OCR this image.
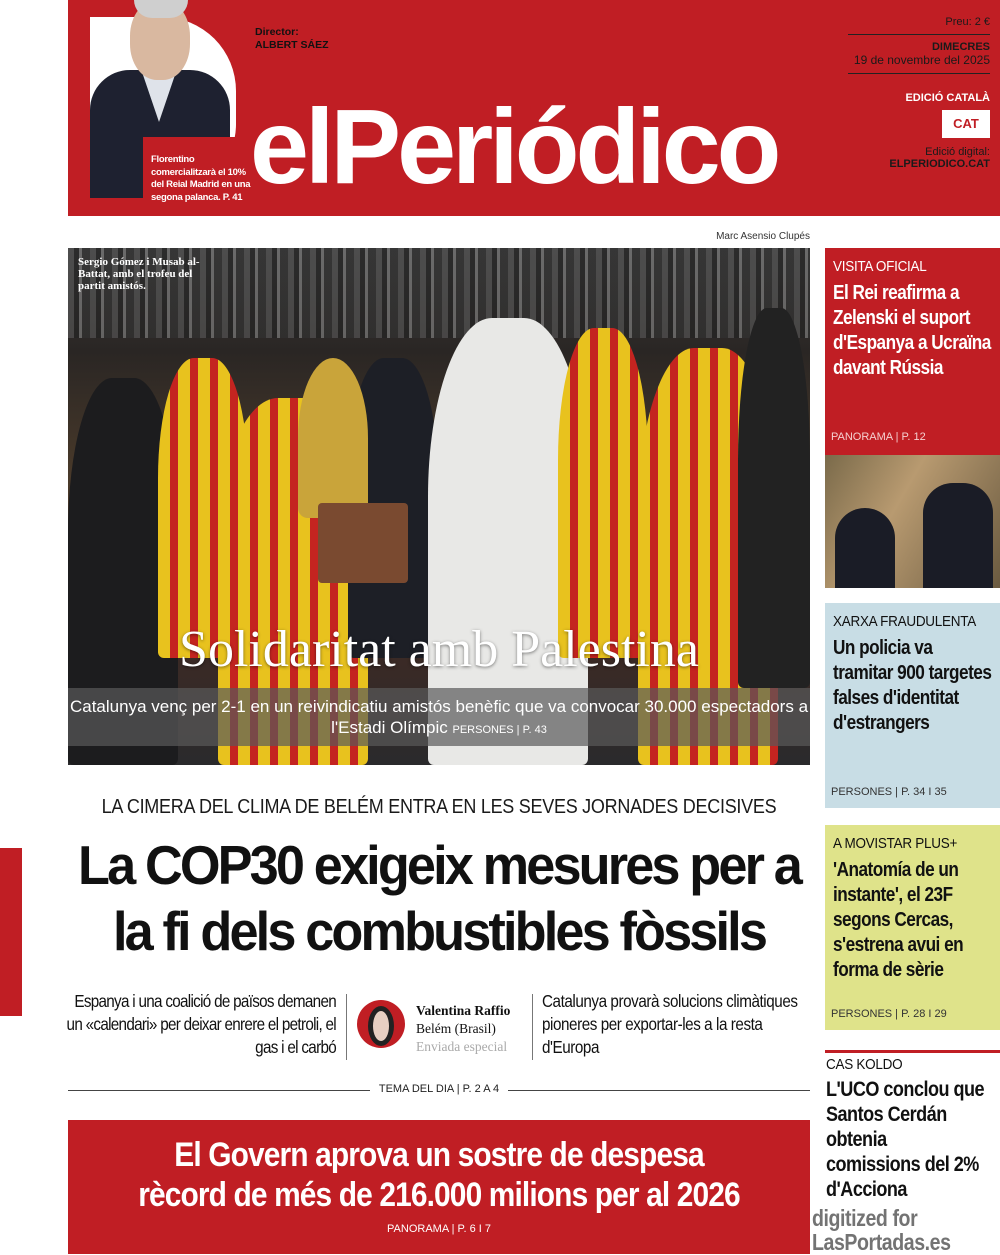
Florentino comercialitzarà el 10% del Reial Madrid en una segona palanca. P. 41
Director:
ALBERT SÁEZ
elPeriódico
Preu: 2 €
DIMECRES
19 de novembre del 2025
EDICIÓ CATALÀ
CAT
Edició digital:
ELPERIODICO.CAT
Marc Asensio Clupés
Sergio Gómez i Musab al-Battat, amb el trofeu del partit amistós.
Solidaritat amb Palestina
Catalunya venç per 2-1 en un reivindicatiu amistós benèfic que va convocar 30.000 espectadors a l'Estadi Olímpic PERSONES | P. 43
LA CIMERA DEL CLIMA DE BELÉM ENTRA EN LES SEVES JORNADES DECISIVES
La COP30 exigeix mesures per a la fi dels combustibles fòssils
Espanya i una coalició de països demanen un «calendari» per deixar enrere el petroli, el gas i el carbó
Valentina Raffio
Belém (Brasil)
Enviada especial
Catalunya provarà solucions climàtiques pioneres per exportar-les a la resta d'Europa
TEMA DEL DIA | P. 2 A 4
El Govern aprova un sostre de despesa
rècord de més de 216.000 milions per al 2026
PANORAMA | P. 6 I 7
VISITA OFICIAL
El Rei reafirma a Zelenski el suport d'Espanya a Ucraïna davant Rússia
PANORAMA | P. 12
XARXA FRAUDULENTA
Un policia va tramitar 900 targetes falses d'identitat d'estrangers
PERSONES | P. 34 I 35
A MOVISTAR PLUS+
'Anatomía de un instante', el 23F segons Cercas, s'estrena avui en forma de sèrie
PERSONES | P. 28 I 29
CAS KOLDO
L'UCO conclou que Santos Cerdán obtenia comissions del 2% d'Acciona
digitized for
LasPortadas.es
